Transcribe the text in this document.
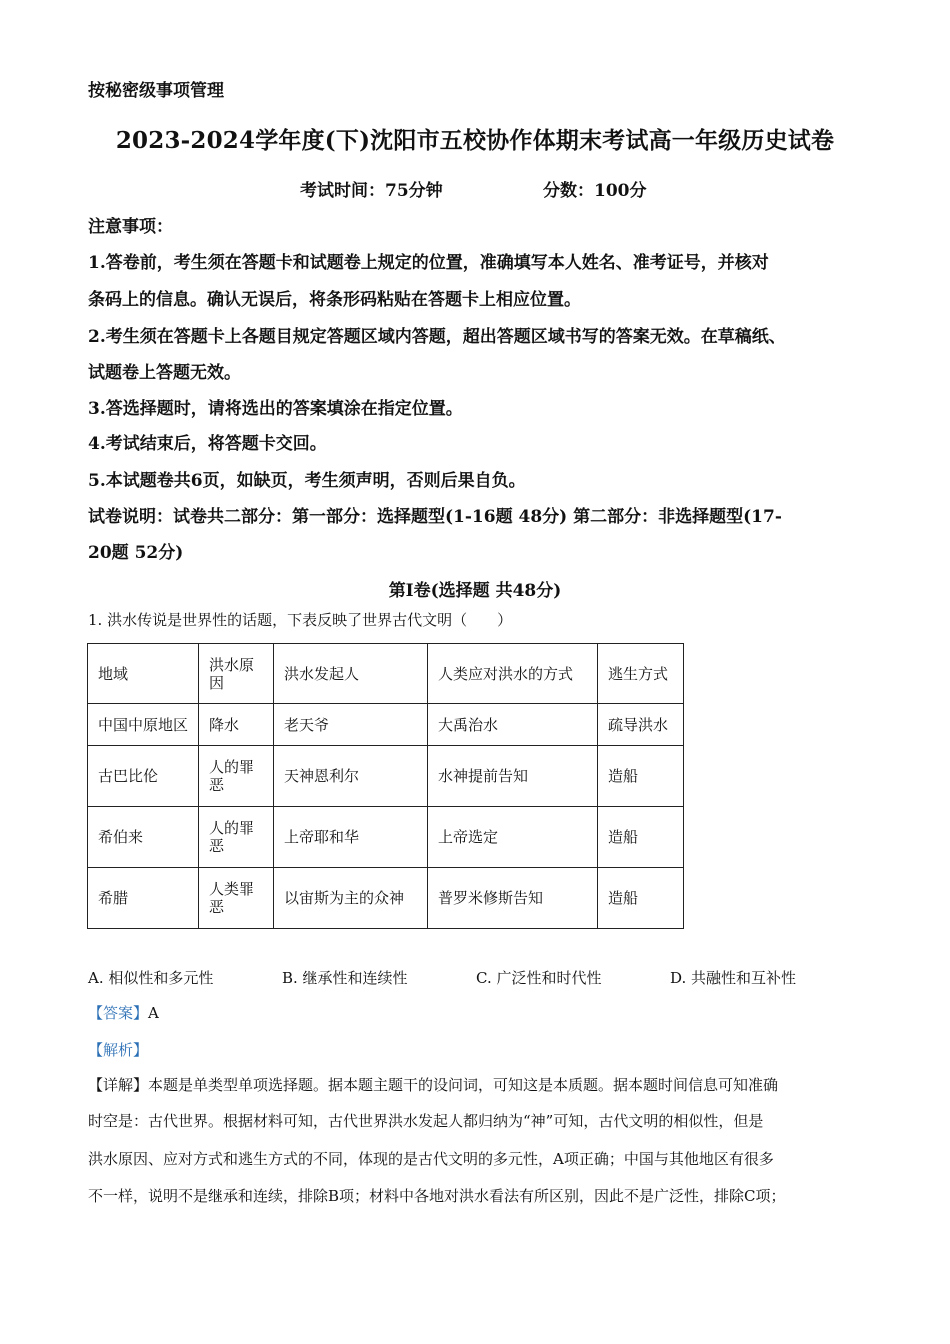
按秘密级事项管理
2023-2024学年度(下)沈阳市五校协作体期末考试高一年级历史试卷
考试时间：75分钟	分数：100分
注意事项：
1.答卷前，考生须在答题卡和试题卷上规定的位置，准确填写本人姓名、准考证号，并核对
条码上的信息。确认无误后，将条形码粘贴在答题卡上相应位置。
2.考生须在答题卡上各题目规定答题区域内答题，超出答题区域书写的答案无效。在草稿纸、
试题卷上答题无效。
3.答选择题时，请将选出的答案填涂在指定位置。
4.考试结束后，将答题卡交回。
5.本试题卷共6页，如缺页，考生须声明，否则后果自负。
试卷说明：试卷共二部分：第一部分：选择题型(1-16题 48分) 第二部分：非选择题型(17-
20题 52分)
第Ⅰ卷(选择题 共48分)
1. 洪水传说是世界性的话题，下表反映了世界古代文明（　　）
地域	洪水原因	洪水发起人	人类应对洪水的方式	逃生方式
中国中原地区	降水	老天爷	大禹治水	疏导洪水
古巴比伦	人的罪恶	天神恩利尔	水神提前告知	造船
希伯来	人的罪恶	上帝耶和华	上帝选定	造船
希腊	人类罪恶	以宙斯为主的众神	普罗米修斯告知	造船
A. 相似性和多元性	B. 继承性和连续性	C. 广泛性和时代性	D. 共融性和互补性
【答案】A
【解析】
【详解】本题是单类型单项选择题。据本题主题干的设问词，可知这是本质题。据本题时间信息可知准确
时空是：古代世界。根据材料可知，古代世界洪水发起人都归纳为“神”可知，古代文明的相似性，但是
洪水原因、应对方式和逃生方式的不同，体现的是古代文明的多元性，A项正确；中国与其他地区有很多
不一样，说明不是继承和连续，排除B项；材料中各地对洪水看法有所区别，因此不是广泛性，排除C项；
